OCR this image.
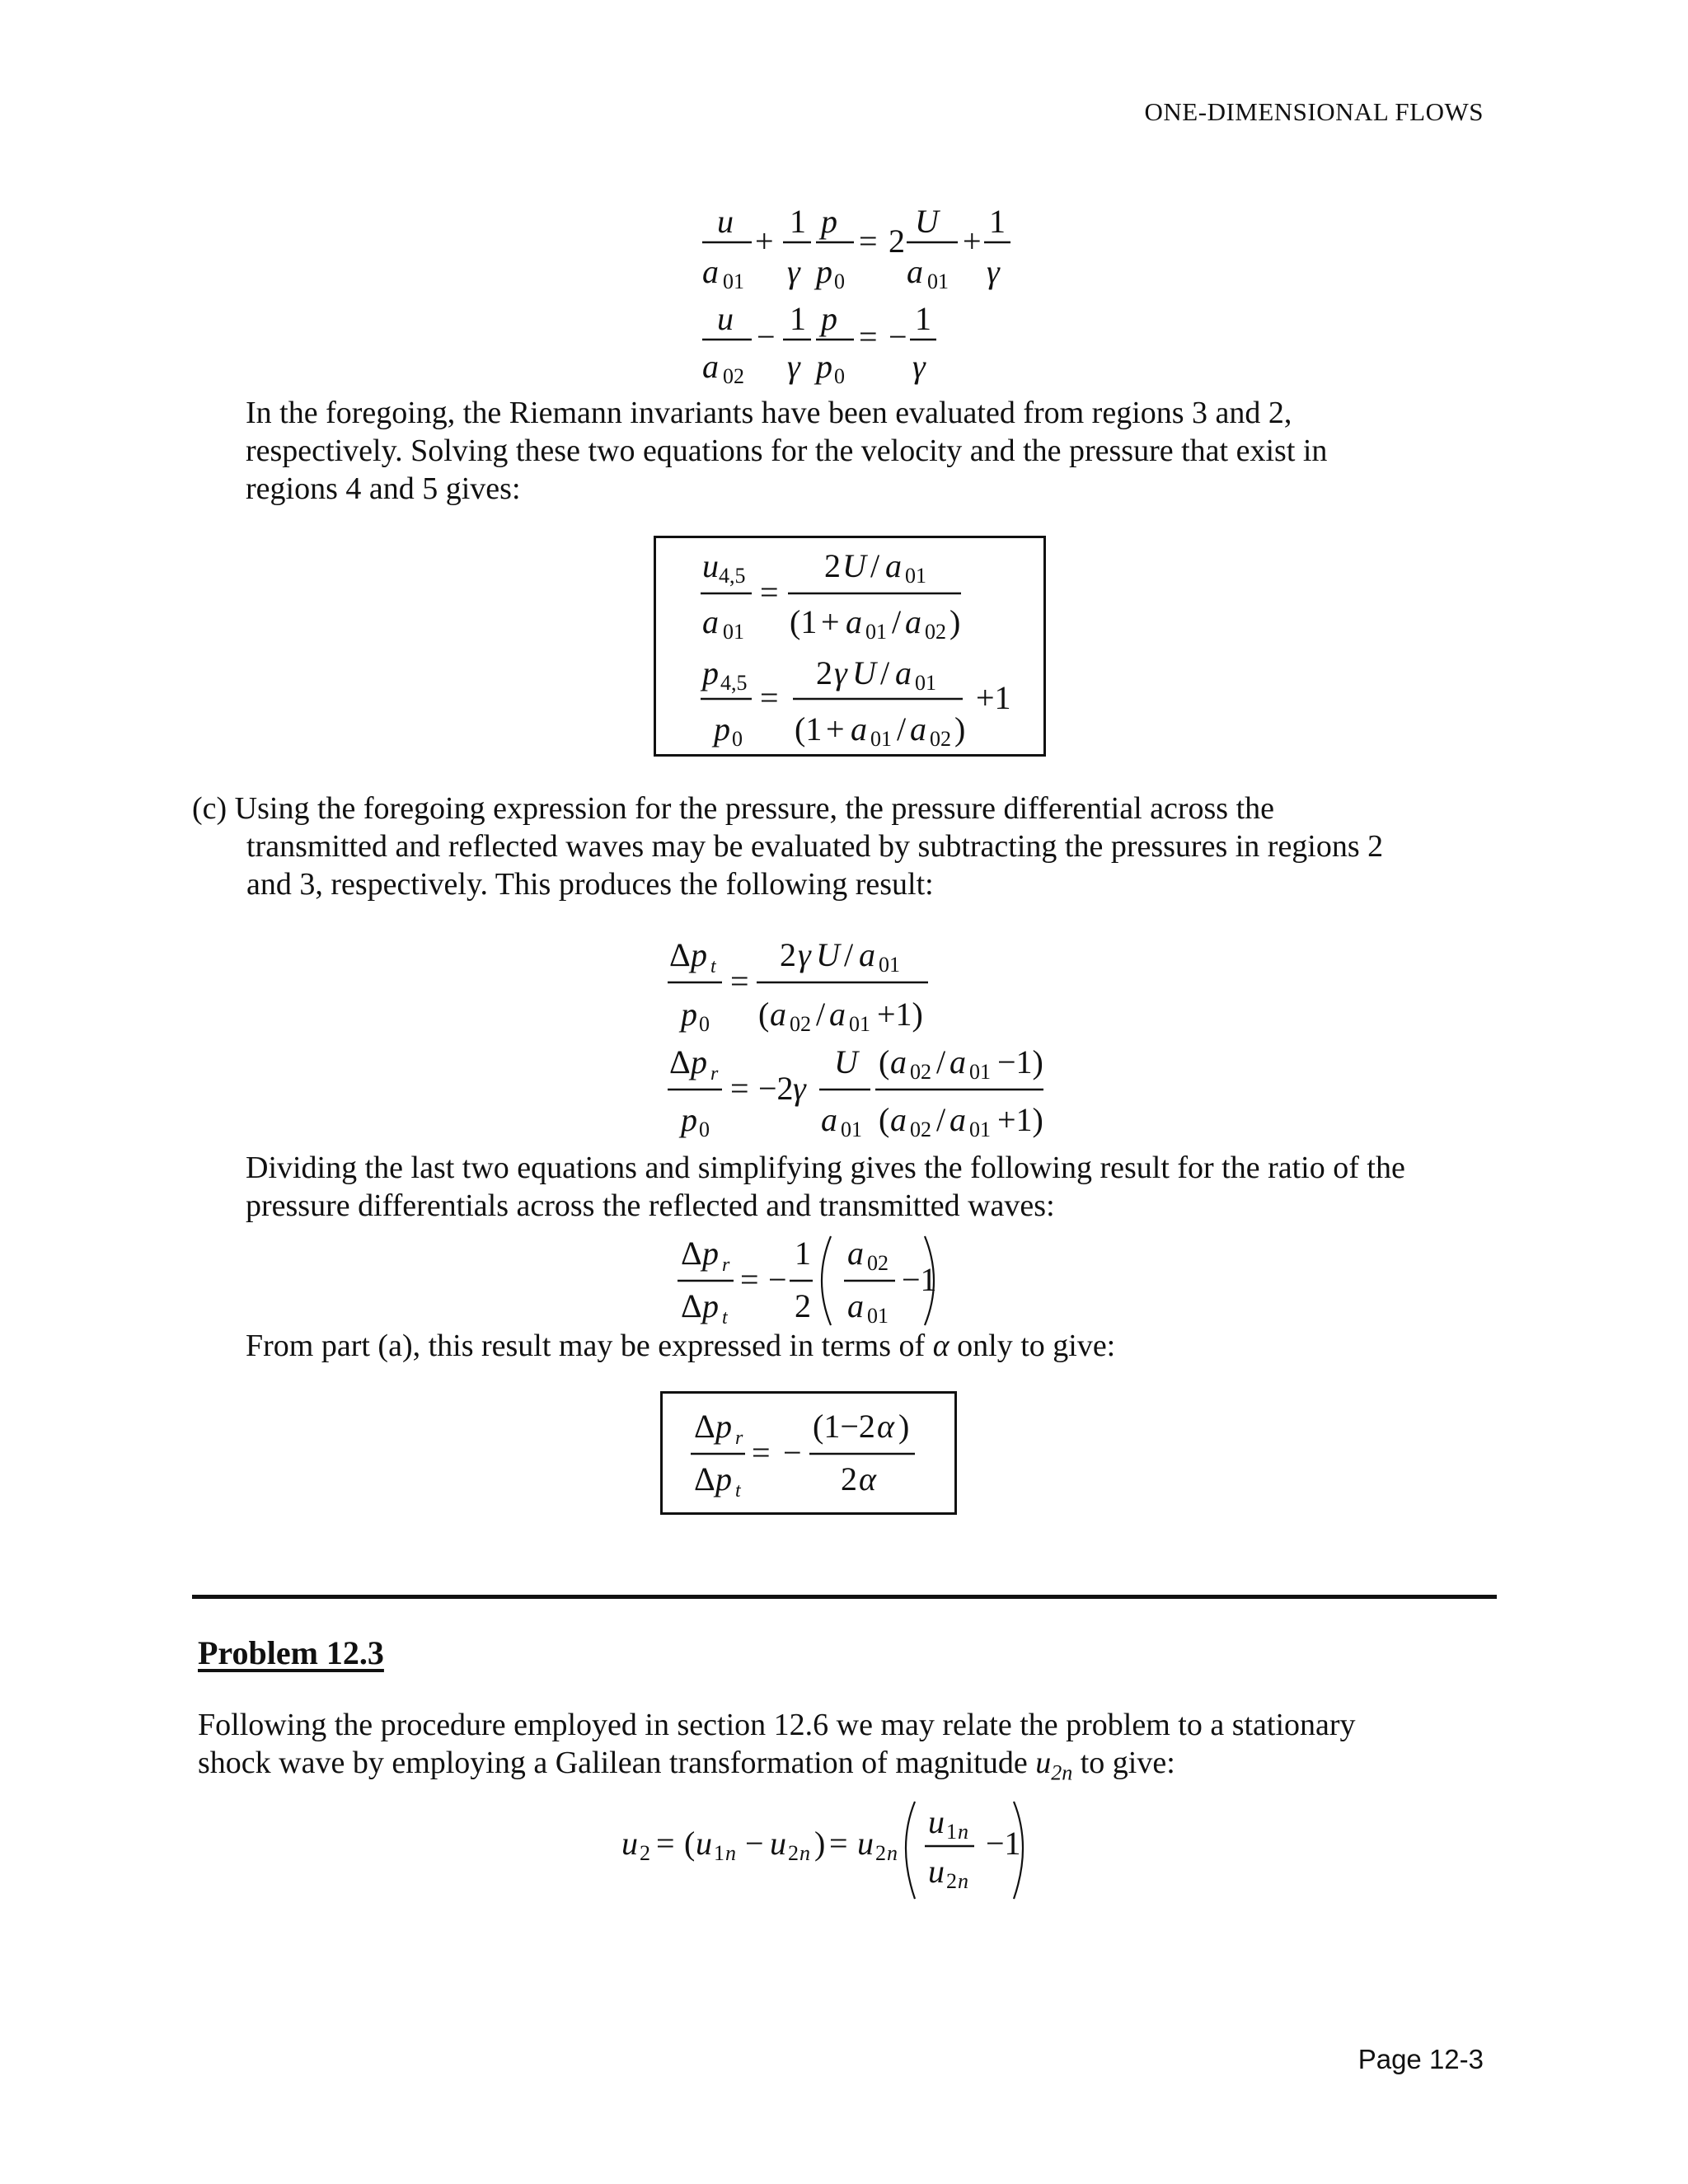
ONE-DIMENSIONAL FLOWS
u
a 01
+
1
γ
p
p 0
= 2
U
a 01
+
1
γ
u
a 02
− 1
γ
p
p 0
= − 1
γ
In the foregoing, the Riemann invariants have been evaluated from regions 3 and 2,
respectively. Solving these two equations for the velocity and the pressure that exist in
regions 4 and 5 gives:
u 4,5
a 01
=
2 U / a 01
(1 + a 01 / a 02 )
p 4,5
p 0
=
2 γ U / a 01
(1 + a 01 / a 02 )
+1
(c) Using the foregoing expression for the pressure, the pressure differential across the
transmitted and reflected waves may be evaluated by subtracting the pressures in regions 2
and 3, respectively. This produces the following result:
Δ p t
p 0
=
2 γ U / a 01
( a 02 / a 01 +1)
Δ p r
p 0
= −2 γ
U
a 01
( a 02 / a 01 −1)
( a 02 / a 01 +1)
Dividing the last two equations and simplifying gives the following result for the ratio of the
pressure differentials across the reflected and transmitted waves:
Δ p r
Δ p t
= −
1
2
a 02
a 01
−1
From part (a), this result may be expressed in terms of α only to give:
Δ p r
Δ p t
= −
(1−2 α )
2 α
Problem 12.3
Following the procedure employed in section 12.6 we may relate the problem to a stationary
shock wave by employing a Galilean transformation of magnitude $u_{2n}$ to give:
u 2 = ( u 1 n − u 2 n ) = u 2 n
u 1 n
u 2 n
−1
Page 12-3
